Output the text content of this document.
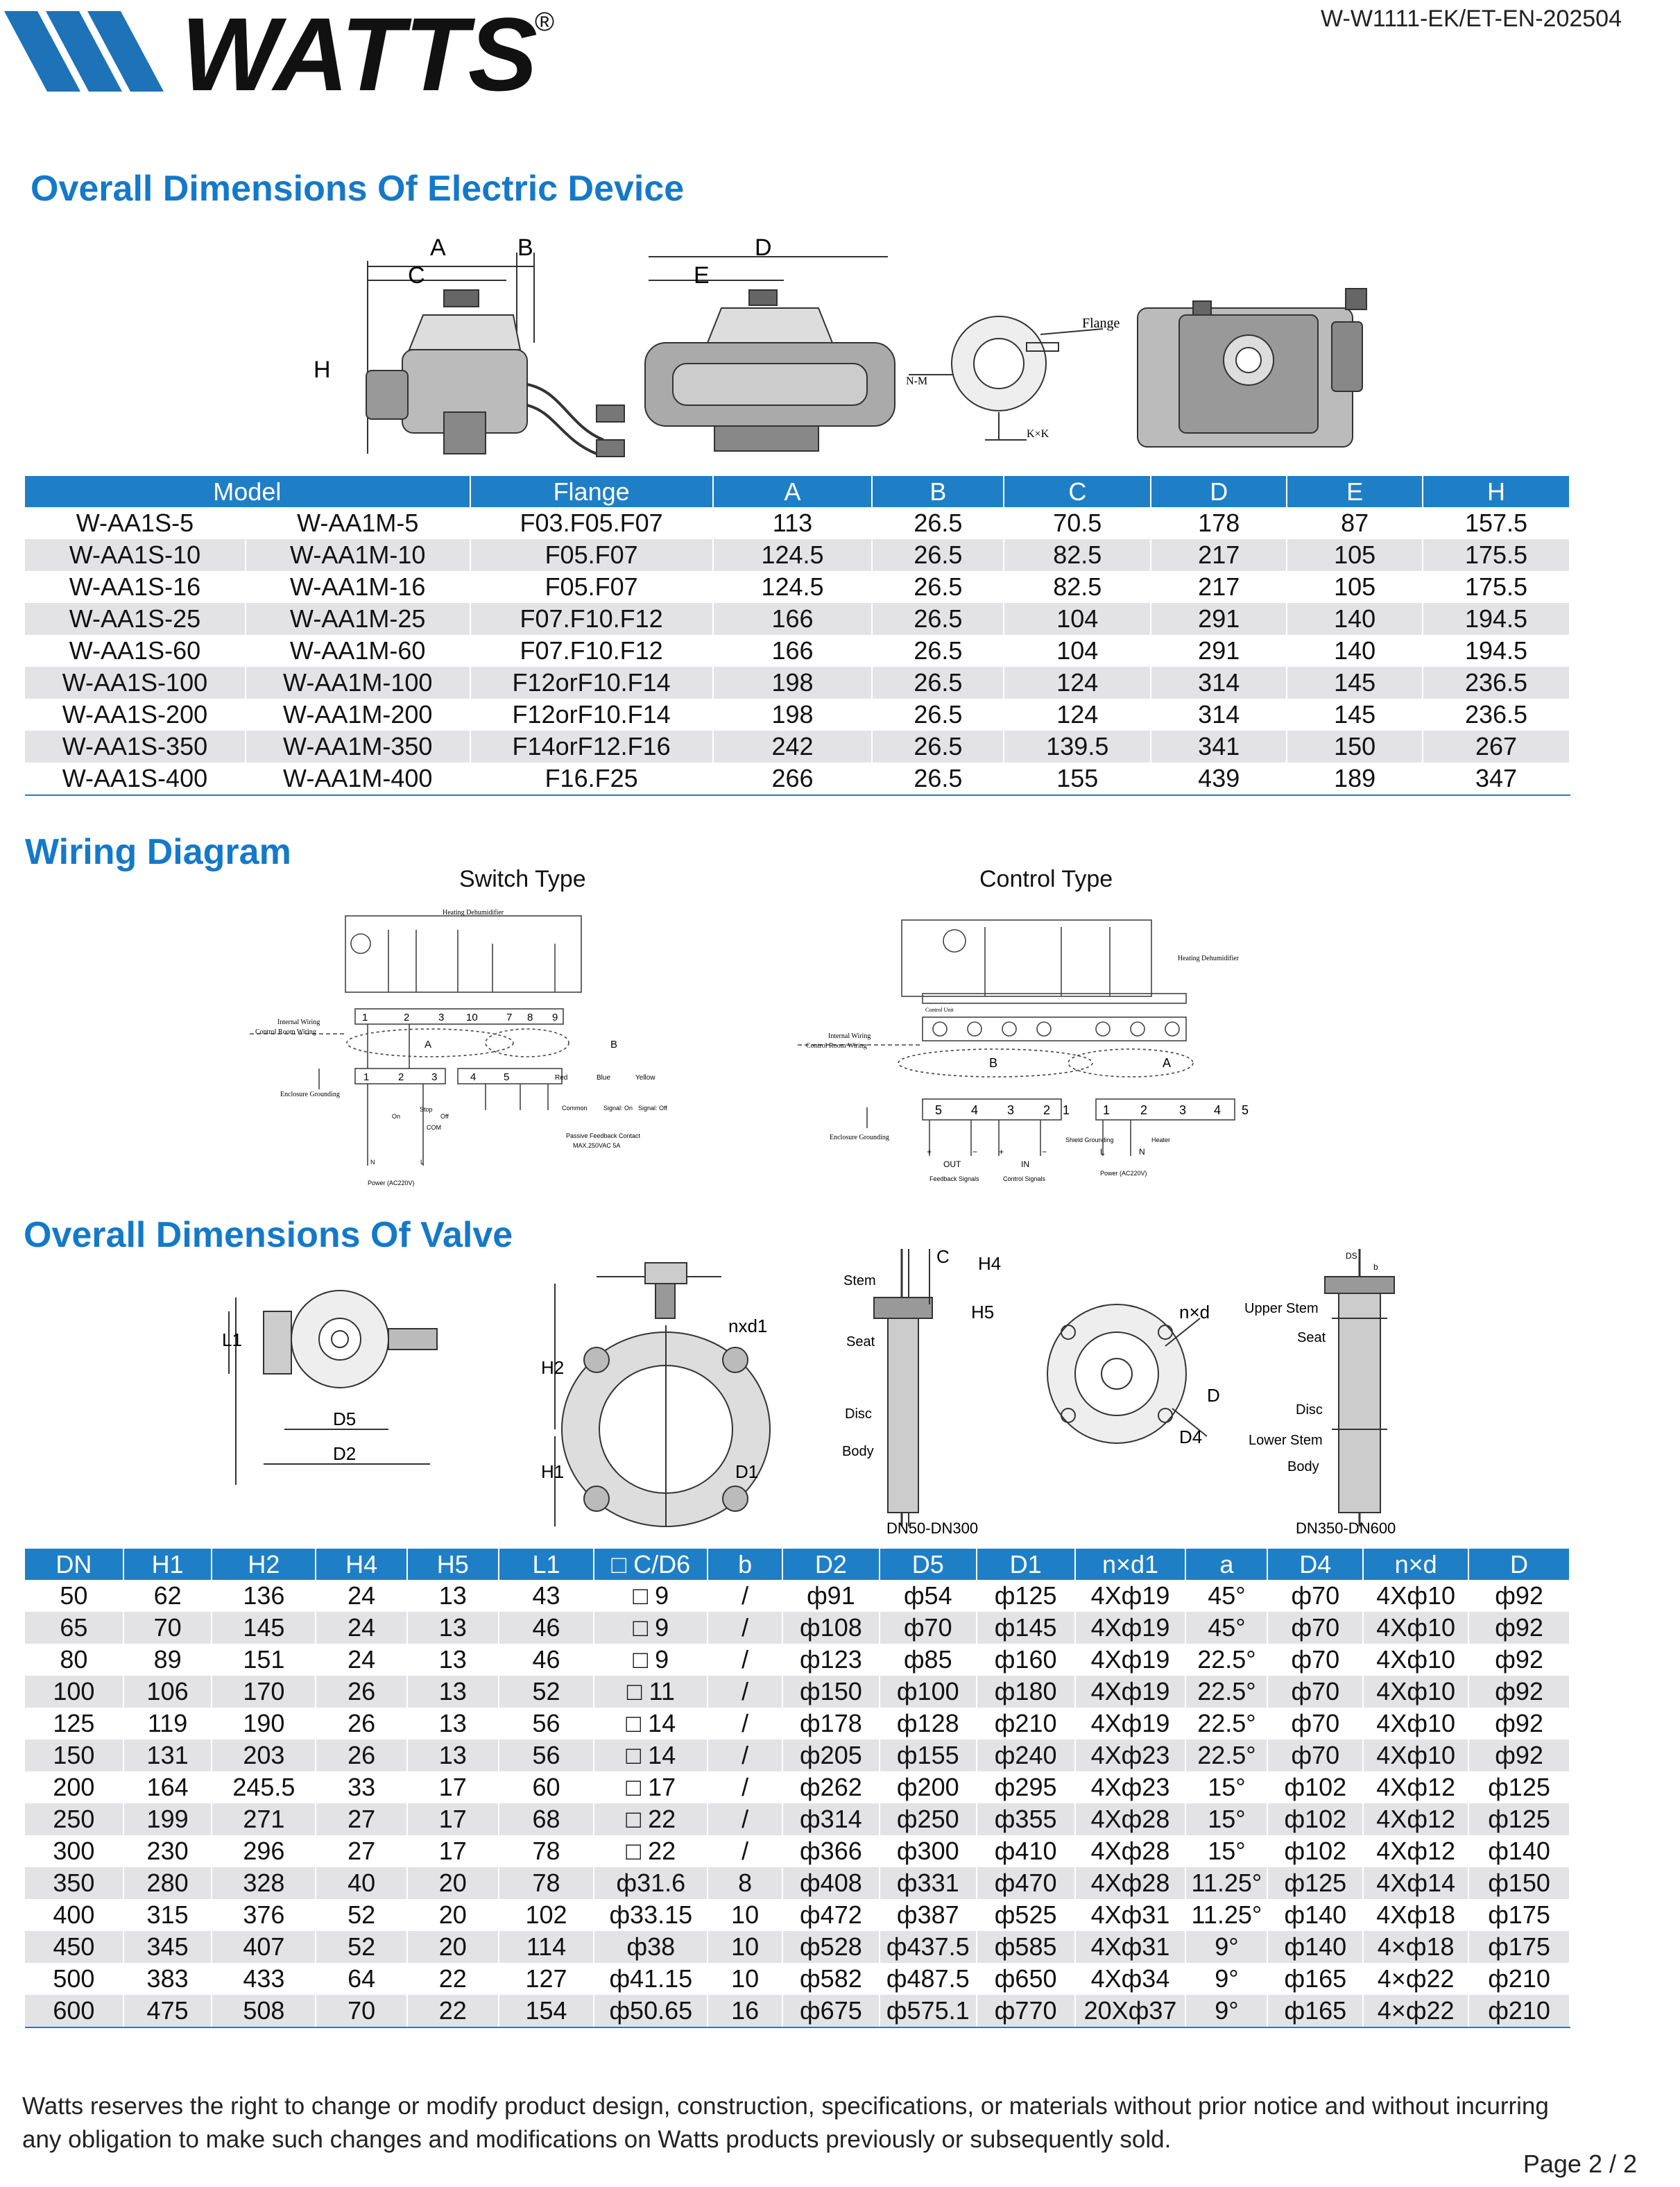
WATTS
®	W-W1111-EK/ET-EN-202504
Overall Dimensions Of Electric Device
A	B
C
D
E
H
Flange
N-M
K×K
Model		Flange	A	B	C	D	E	H
W-AA1S-5	W-AA1M-5	F03.F05.F07	113	26.5	70.5	178	87	157.5
W-AA1S-10	W-AA1M-10	F05.F07	124.5	26.5	82.5	217	105	175.5
W-AA1S-16	W-AA1M-16	F05.F07	124.5	26.5	82.5	217	105	175.5
W-AA1S-25	W-AA1M-25	F07.F10.F12	166	26.5	104	291	140	194.5
W-AA1S-60	W-AA1M-60	F07.F10.F12	166	26.5	104	291	140	194.5
W-AA1S-100	W-AA1M-100	F12orF10.F14	198	26.5	124	314	145	236.5
W-AA1S-200	W-AA1M-200	F12orF10.F14	198	26.5	124	314	145	236.5
W-AA1S-350	W-AA1M-350	F14orF12.F16	242	26.5	139.5	341	150	267
W-AA1S-400	W-AA1M-400	F16.F25	266	26.5	155	439	189	347
Wiring Diagram
Switch Type	Control Type
Heating Dehumidifier
Internal Wiring
Control Room Wiring
Enclosure Grounding
1	2	3 10	7 8 9
1	2	3	4	5
A	B
Red	Blue	Yellow
Stop
On	Off
COM
Common	Signal: On Signal: Off
Passive Feedback Contact
MAX.250VAC 5A
N	L
Power (AC220V)
Heating Dehumidifier
Control Unit
Internal Wiring
Control Room Wiring
Enclosure Grounding
B	A
5 4 3 2 1	1 2	3 4 5
+	−	+	−
OUT	IN
L	N
Shield Grounding	Heater
Feedback Signals	Control Signals
Power (AC220V)
Overall Dimensions Of Valve
L1
D5
D2
H2
H1
nxd1
D1
C H4
H5	n×d
D
D4
Stem
Seat
Disc
Body
Upper Stem
Seat
Disc
Lower Stem
Body
DS
b
DN50-DN300	DN350-DN600
DN	H1	H2	H4	H5	L1	□ C/D6	b	D2	D5	D1	n×d1	a	D4	n×d	D
50	62	136	24	13	43	□ 9	/	ф91	ф54	ф125	4Xф19	45°	ф70	4Xф10	ф92
65	70	145	24	13	46	□ 9	/	ф108	ф70	ф145	4Xф19	45°	ф70	4Xф10	ф92
80	89	151	24	13	46	□ 9	/	ф123	ф85	ф160	4Xф19	22.5°	ф70	4Xф10	ф92
100	106	170	26	13	52	□ 11	/	ф150	ф100	ф180	4Xф19	22.5°	ф70	4Xф10	ф92
125	119	190	26	13	56	□ 14	/	ф178	ф128	ф210	4Xф19	22.5°	ф70	4Xф10	ф92
150	131	203	26	13	56	□ 14	/	ф205	ф155	ф240	4Xф23	22.5°	ф70	4Xф10	ф92
200	164	245.5	33	17	60	□ 17	/	ф262	ф200	ф295	4Xф23	15°	ф102	4Xф12	ф125
250	199	271	27	17	68	□ 22	/	ф314	ф250	ф355	4Xф28	15°	ф102	4Xф12	ф125
300	230	296	27	17	78	□ 22	/	ф366	ф300	ф410	4Xф28	15°	ф102	4Xф12	ф140
350	280	328	40	20	78	ф31.6	8	ф408	ф331	ф470	4Xф28	11.25°	ф125	4Xф14	ф150
400	315	376	52	20	102	ф33.15	10	ф472	ф387	ф525	4Xф31	11.25°	ф140	4Xф18	ф175
450	345	407	52	20	114	ф38	10	ф528	ф437.5	ф585	4Xф31	9°	ф140	4×ф18	ф175
500	383	433	64	22	127	ф41.15	10	ф582	ф487.5	ф650	4Xф34	9°	ф165	4×ф22	ф210
600	475	508	70	22	154	ф50.65	16	ф675	ф575.1	ф770	20Xф37	9°	ф165	4×ф22	ф210
Watts reserves the right to change or modify product design, construction, specifications, or materials without prior notice and without incurring any obligation to make such changes and modifications on Watts products previously or subsequently sold.
Page 2 / 2
